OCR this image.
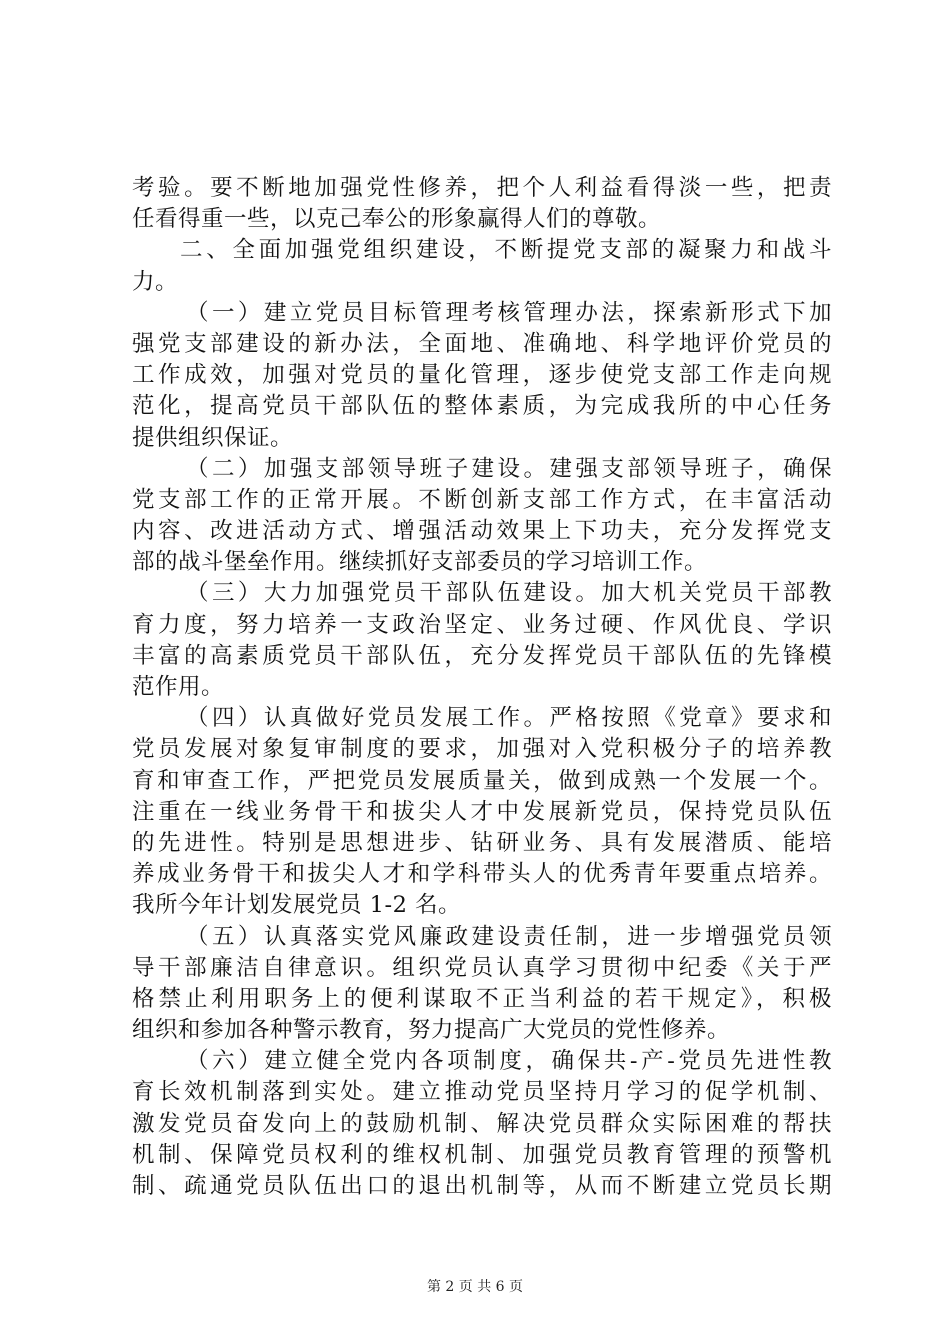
考验。要不断地加强党性修养，把个人利益看得淡一些，把责
任看得重一些，以克己奉公的形象赢得人们的尊敬。
二、全面加强党组织建设，不断提党支部的凝聚力和战斗
力。
（一）建立党员目标管理考核管理办法，探索新形式下加
强党支部建设的新办法，全面地、准确地、科学地评价党员的
工作成效，加强对党员的量化管理，逐步使党支部工作走向规
范化，提高党员干部队伍的整体素质，为完成我所的中心任务
提供组织保证。
（二）加强支部领导班子建设。建强支部领导班子，确保
党支部工作的正常开展。不断创新支部工作方式，在丰富活动
内容、改进活动方式、增强活动效果上下功夫，充分发挥党支
部的战斗堡垒作用。继续抓好支部委员的学习培训工作。
（三）大力加强党员干部队伍建设。加大机关党员干部教
育力度，努力培养一支政治坚定、业务过硬、作风优良、学识
丰富的高素质党员干部队伍，充分发挥党员干部队伍的先锋模
范作用。
（四）认真做好党员发展工作。严格按照《党章》要求和
党员发展对象复审制度的要求，加强对入党积极分子的培养教
育和审查工作，严把党员发展质量关，做到成熟一个发展一个。
注重在一线业务骨干和拔尖人才中发展新党员，保持党员队伍
的先进性。特别是思想进步、钻研业务、具有发展潜质、能培
养成业务骨干和拔尖人才和学科带头人的优秀青年要重点培养。
我所今年计划发展党员 1-2 名。
（五）认真落实党风廉政建设责任制，进一步增强党员领
导干部廉洁自律意识。组织党员认真学习贯彻中纪委《关于严
格禁止利用职务上的便利谋取不正当利益的若干规定》，积极
组织和参加各种警示教育，努力提高广大党员的党性修养。
（六）建立健全党内各项制度，确保共-产-党员先进性教
育长效机制落到实处。建立推动党员坚持月学习的促学机制、
激发党员奋发向上的鼓励机制、解决党员群众实际困难的帮扶
机制、保障党员权利的维权机制、加强党员教育管理的预警机
制、疏通党员队伍出口的退出机制等，从而不断建立党员长期
第 2 页 共 6 页
